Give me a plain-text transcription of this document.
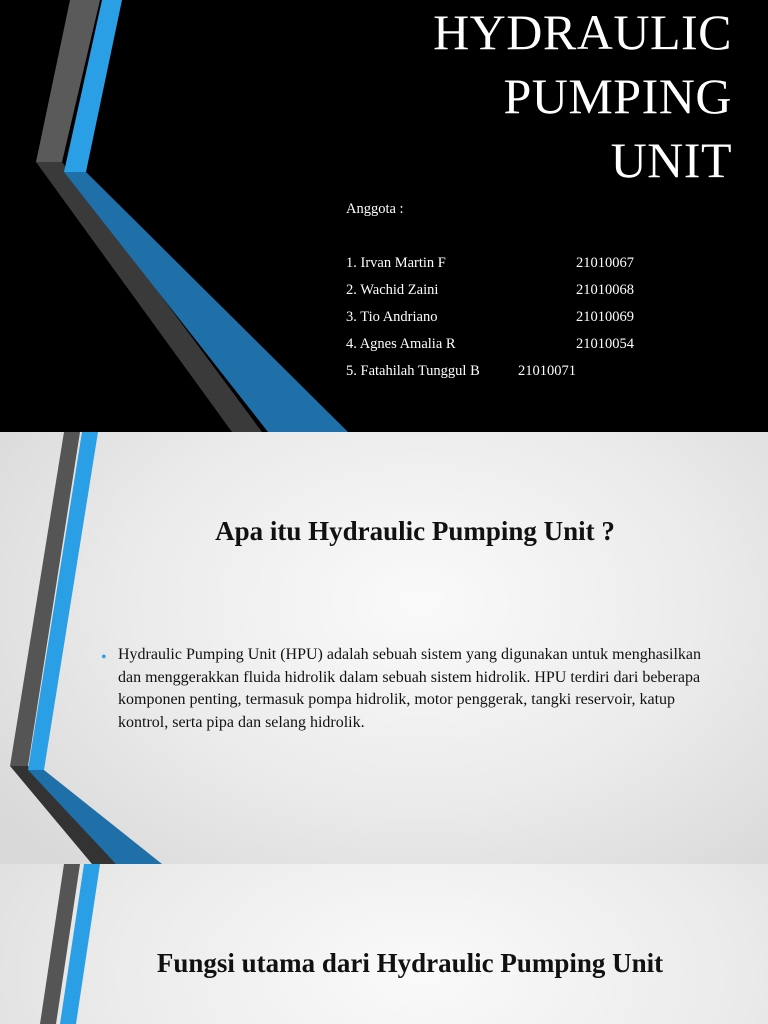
HYDRAULIC
PUMPING
UNIT
Anggota :
1. Irvan Martin F	21010067
2. Wachid Zaini	21010068
3. Tio Andriano	21010069
4. Agnes Amalia R	21010054
5. Fatahilah Tunggul B	21010071
Apa itu Hydraulic Pumping Unit ?
• Hydraulic Pumping Unit (HPU) adalah sebuah sistem yang digunakan untuk menghasilkan dan menggerakkan fluida hidrolik dalam sebuah sistem hidrolik. HPU terdiri dari beberapa komponen penting, termasuk pompa hidrolik, motor penggerak, tangki reservoir, katup kontrol, serta pipa dan selang hidrolik.
Fungsi utama dari Hydraulic Pumping Unit
